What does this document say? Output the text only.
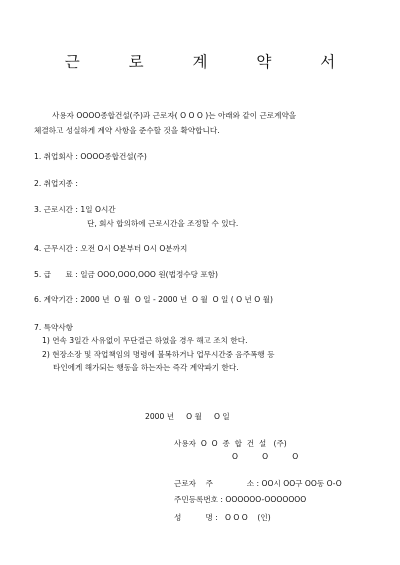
근 로 계 약 서
사용자 OOOO종합건설(주)과 근로자( O O O )는 아래와 같이 근로계약을
체결하고 성실하게 계약 사항을 준수할 것을 확약합니다.
1. 취업회사 : OOOO종합건설(주)
2. 취업지종 :
3. 근로시간 : 1일 O시간
단, 회사 합의하에 근로시간을 조정할 수 있다.
4. 근무시간 : 오전 O시 O분부터 O시 O분까지
5. 급      료 : 일금 OOO,OOO,OOO 원(법정수당 포함)
6. 계약기간 : 2000 년  O 월  O 일 - 2000 년  O 월  O 일 ( O 년 O 월)
7. 특약사항
1) 연속 3일간 사유없이 무단결근 하였을 경우 해고 조치 한다.
2) 현장소장 및 작업책임의 명령에 불복하거나 업무시간중 음주폭행 등
타인에게 해가되는 행동을 하는자는 즉각 계약파기 한다.
2000 년     O 월     O 일
사용자  O  O  종  합  건  설   (주)
O          O          O
근로자    주              소 : OO시 OO구 OO동 O-O
주민등록번호 : OOOOOO-OOOOOOO
성          명 :   O O O    (인)
